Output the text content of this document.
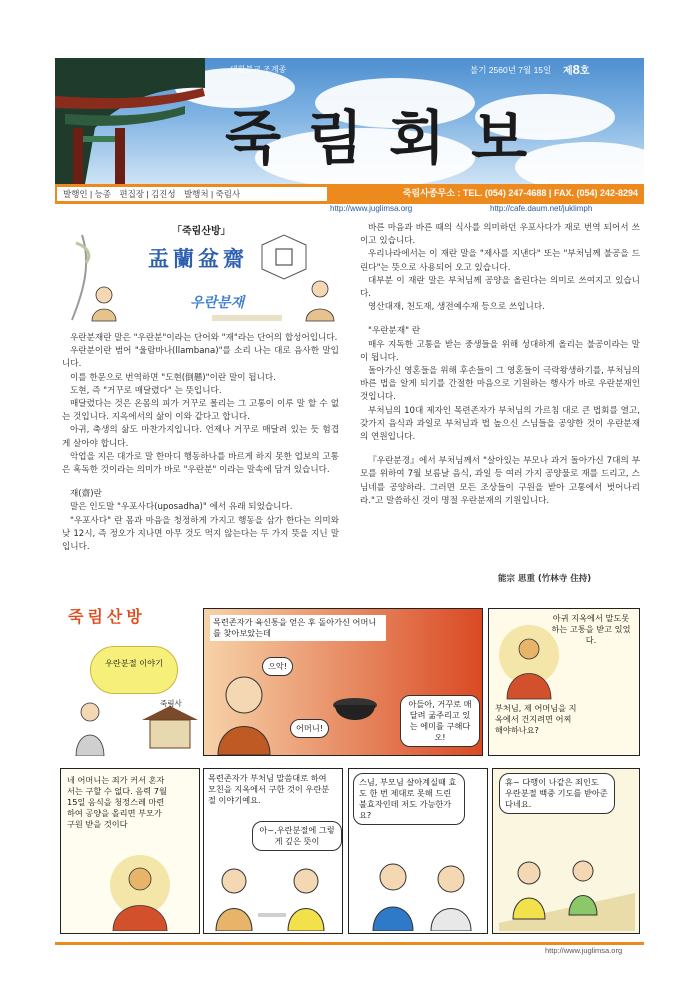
대한불교 조계종	불기 2560년 7월 15일 제8호
죽림회보
발행인 | 능종 편집장 | 김진성 발행처 | 죽림사	죽림사종무소 : TEL. (054) 247-4688 | FAX. (054) 242-8294
http://www.juglimsa.org	http://cafe.daum.net/juklimph
「죽림산방」
盂蘭盆齋
우란분재

우란분재란 말은 "우란분"이라는 단어와 "재"라는 단어의 합성어입니다.

우란분이란 범어 "울람바나(llambana)"를 소리 나는 대로 음사한 말입니다.

이를 한문으로 번역하면 "도현(倒懸)"이란 말이 됩니다.

도현, 즉 "거꾸로 매달렸다" 는 뜻입니다.

매달렸다는 것은 온몸의 피가 거꾸로 몰리는 그 고통이 이루 말 할 수 없는 것입니다. 지옥에서의 삶이 이와 같다고 합니다.

아귀, 축생의 삶도 마찬가지입니다. 언제나 거꾸로 매달려 있는 듯 험겹게 살아야 합니다.

악업을 지은 대가로 말 한마디 행동하나를 바르게 하지 못한 업보의 고통은 혹독한 것이라는 의미가 바로 "우란분" 이라는 말속에 담겨 있습니다.

재(齋)란

말은 인도말 "우포사다(uposadha)" 에서 유래 되었습니다.

"우포사다" 란 몸과 마음을 청정하게 가지고 행동을 삼가 한다는 의미와 낮 12시, 즉 정오가 지나면 아무 것도 먹지 않는다는 두 가지 뜻을 지닌 말입니다.

바른 마음과 바른 때의 식사를 의미하던 우포사다가 재로 번역 되어서 쓰이고 있습니다.

우리나라에서는 이 재란 말을 "제사를 지낸다" 또는 "부처님께 불공을 드린다"는 뜻으로 사용되어 오고 있습니다.

대부분 이 재란 말은 부처님께 공양을 올린다는 의미로 쓰여지고 있습니다.

영산대재, 천도재, 생전예수재 등으로 쓰입니다.

"우란분재" 란

매우 지독한 고통을 받는 중생들을 위해 성대하게 올리는 불공이라는 말이 됩니다.

돌아가신 영혼들을 위해 후손들이 그 영혼들이 극락왕생하기를, 부처님의 바른 법을 알게 되기를 간절한 마음으로 기원하는 행사가 바로 우란분재인 것입니다.

부처님의 10대 제자인 목련존자가 부처님의 가르침 대로 큰 법회를 열고, 갖가지 음식과 과일로 부처님과 법 높으신 스님들을 공양한 것이 우란분재의 연원입니다.

『우란분경』에서 부처님께서 "살아있는 부모나 과거 돌아가신 7대의 부모를 위하여 7월 보름날 음식, 과일 등 여러 가지 공양물로 재를 드리고, 스님네를 공양하라. 그러면 모든 조상들이 구원을 받아 고통에서 벗어나리라."고 말씀하신 것이 명절 우란분재의 기원입니다.

能宗 思重 (竹林寺 住持)
죽림산방
우란분절 이야기
죽림사
목련존자가 육신통을 얻은 후 돌아가신 어머니를 찾아보았는데
으악!
어머니!
아들아, 거꾸로 매달려 굶주리고 있는 에미를 구해다오!
아귀 지옥에서 말도못하는 고통을 받고 있었다.
부처님, 제 어머님을 지옥에서 건지려면 어찌해야하나요?
네 어머니는 죄가 커서 혼자서는 구할 수 없다. 음력 7월 15일 음식을 청정스레 마련하여 공양을 올리면 부모가 구원 받을 것이다
목련존자가 부처님 말씀대로 하여 모친을 지옥에서 구한 것이 우란분절 이야기예요.
아~,우란분절에 그렇게 깊은 뜻이
스님, 부모님 살아계실때 효도 한 번 제대로 못해 드린 불효자인데 저도 가능한가요?
휴~ 다행이 나같은 죄인도 우란분절 백중 기도를 받아준다네요.
http://www.juglimsa.org
